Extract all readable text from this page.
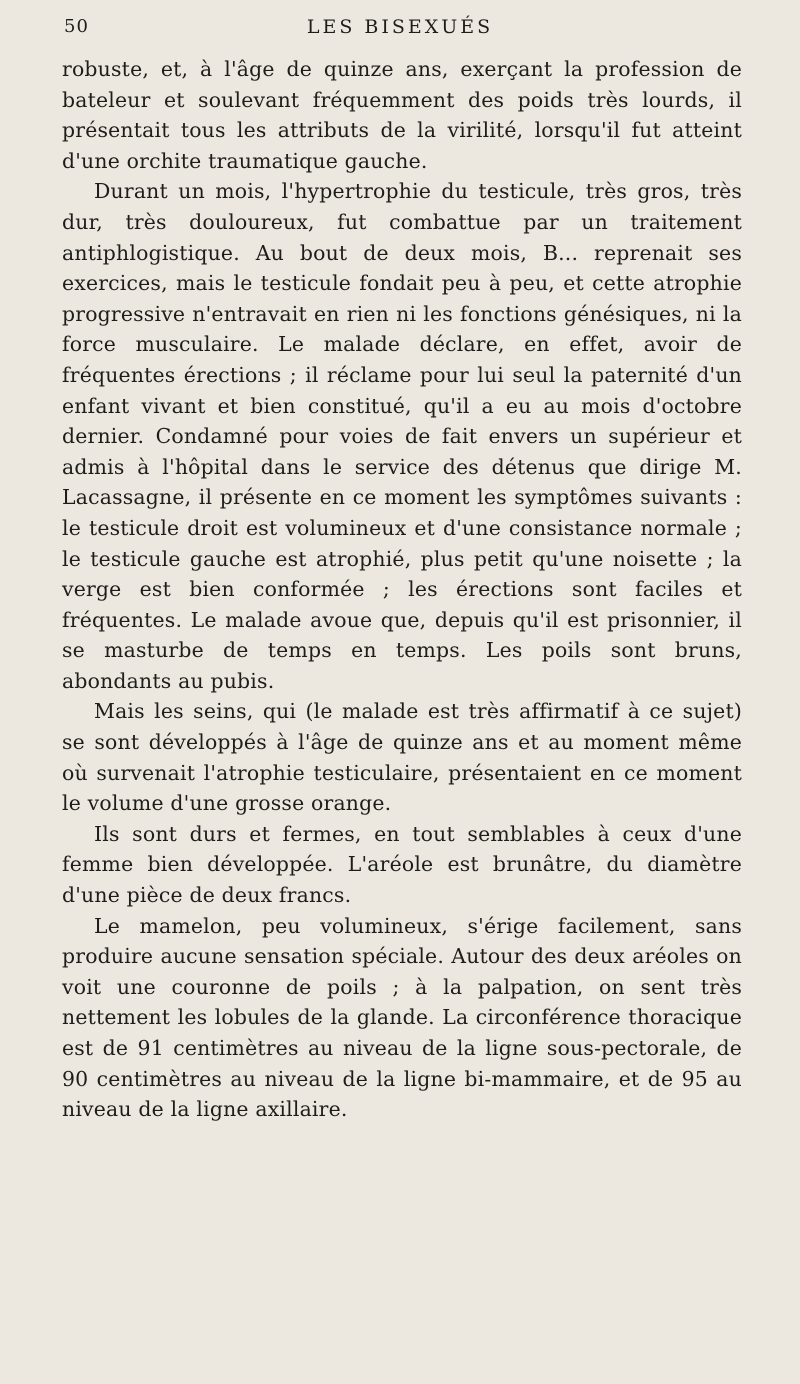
50	LES BISEXUÉS

robuste, et, à l'âge de quinze ans, exerçant la profession de bateleur et soulevant fréquemment des poids très lourds, il présentait tous les attributs de la virilité, lorsqu'il fut atteint d'une orchite traumatique gauche.

Durant un mois, l'hypertrophie du testicule, très gros, très dur, très douloureux, fut combattue par un traitement antiphlogistique. Au bout de deux mois, B... reprenait ses exercices, mais le testicule fondait peu à peu, et cette atrophie progressive n'entravait en rien ni les fonctions génésiques, ni la force musculaire. Le malade déclare, en effet, avoir de fréquentes érections ; il réclame pour lui seul la paternité d'un enfant vivant et bien constitué, qu'il a eu au mois d'octobre dernier. Condamné pour voies de fait envers un supérieur et admis à l'hôpital dans le service des détenus que dirige M. Lacassagne, il présente en ce moment les symptômes suivants : le testicule droit est volumineux et d'une consistance normale ; le testicule gauche est atrophié, plus petit qu'une noisette ; la verge est bien conformée ; les érections sont faciles et fréquentes. Le malade avoue que, depuis qu'il est prisonnier, il se masturbe de temps en temps. Les poils sont bruns, abondants au pubis.

Mais les seins, qui (le malade est très affirmatif à ce sujet) se sont développés à l'âge de quinze ans et au moment même où survenait l'atrophie testiculaire, présentaient en ce moment le volume d'une grosse orange.

Ils sont durs et fermes, en tout semblables à ceux d'une femme bien développée. L'aréole est brunâtre, du diamètre d'une pièce de deux francs.

Le mamelon, peu volumineux, s'érige facilement, sans produire aucune sensation spéciale. Autour des deux aréoles on voit une couronne de poils ; à la palpation, on sent très nettement les lobules de la glande. La circonférence thoracique est de 91 centimètres au niveau de la ligne sous-pectorale, de 90 centimètres au niveau de la ligne bi-mammaire, et de 95 au niveau de la ligne axillaire.
